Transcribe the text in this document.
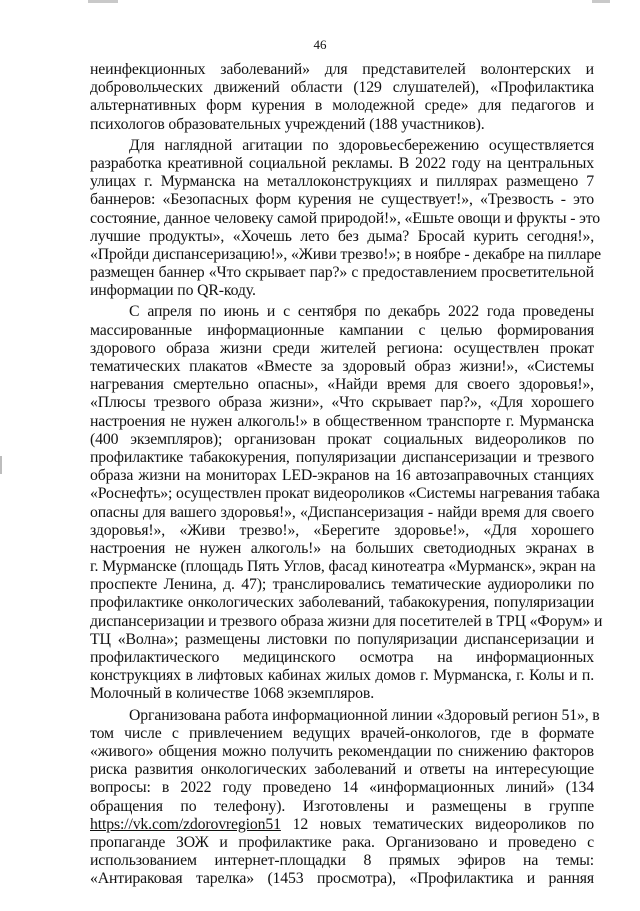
46
неинфекционных заболеваний» для представителей волонтерских и
добровольческих движений области (129 слушателей), «Профилактика
альтернативных форм курения в молодежной среде» для педагогов и
психологов образовательных учреждений (188 участников).
Для наглядной агитации по здоровьесбережению осуществляется
разработка креативной социальной рекламы. В 2022 году на центральных
улицах г. Мурманска на металлоконструкциях и пиллярах размещено 7
баннеров: «Безопасных форм курения не существует!», «Трезвость - это
состояние, данное человеку самой природой!», «Ешьте овощи и фрукты - это
лучшие продукты», «Хочешь лето без дыма? Бросай курить сегодня!»,
«Пройди диспансеризацию!», «Живи трезво!»; в ноябре - декабре на пилларе
размещен баннер «Что скрывает пар?» с предоставлением просветительной
информации по QR-коду.
С апреля по июнь и с сентября по декабрь 2022 года проведены
массированные информационные кампании с целью формирования
здорового образа жизни среди жителей региона: осуществлен прокат
тематических плакатов «Вместе за здоровый образ жизни!», «Системы
нагревания смертельно опасны», «Найди время для своего здоровья!»,
«Плюсы трезвого образа жизни», «Что скрывает пар?», «Для хорошего
настроения не нужен алкоголь!» в общественном транспорте г. Мурманска
(400 экземпляров); организован прокат социальных видеороликов по
профилактике табакокурения, популяризации диспансеризации и трезвого
образа жизни на мониторах LED-экранов на 16 автозаправочных станциях
«Роснефть»; осуществлен прокат видеороликов «Системы нагревания табака
опасны для вашего здоровья!», «Диспансеризация - найди время для своего
здоровья!», «Живи трезво!», «Берегите здоровье!», «Для хорошего
настроения не нужен алкоголь!» на больших светодиодных экранах в
г. Мурманске (площадь Пять Углов, фасад кинотеатра «Мурманск», экран на
проспекте Ленина, д. 47); транслировались тематические аудиоролики по
профилактике онкологических заболеваний, табакокурения, популяризации
диспансеризации и трезвого образа жизни для посетителей в ТРЦ «Форум» и
ТЦ «Волна»; размещены листовки по популяризации диспансеризации и
профилактического медицинского осмотра на информационных
конструкциях в лифтовых кабинах жилых домов г. Мурманска, г. Колы и п.
Молочный в количестве 1068 экземпляров.
Организована работа информационной линии «Здоровый регион 51», в
том числе с привлечением ведущих врачей-онкологов, где в формате
«живого» общения можно получить рекомендации по снижению факторов
риска развития онкологических заболеваний и ответы на интересующие
вопросы: в 2022 году проведено 14 «информационных линий» (134
обращения по телефону). Изготовлены и размещены в группе
https://vk.com/zdorovregion51 12 новых тематических видеороликов по
пропаганде ЗОЖ и профилактике рака. Организовано и проведено с
использованием интернет-площадки 8 прямых эфиров на темы:
«Антираковая тарелка» (1453 просмотра), «Профилактика и ранняя
